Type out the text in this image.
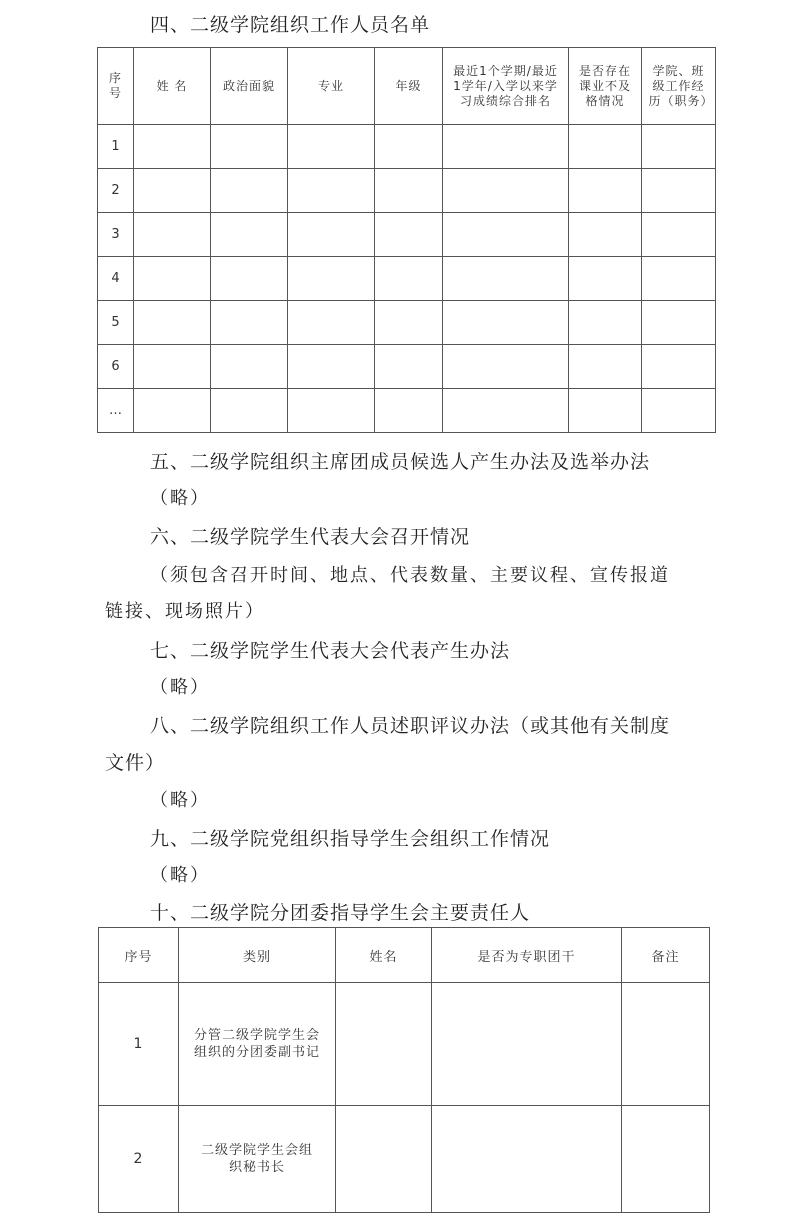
四、二级学院组织工作人员名单
序号	姓 名	政治面貌	专业	年级	最近1个学期/最近1学年/入学以来学习成绩综合排名	是否存在课业不及格情况	学院、班级工作经历（职务）

1							
2							
3							
4							
5							
6							
…							
五、二级学院组织主席团成员候选人产生办法及选举办法
（略）
六、二级学院学生代表大会召开情况
（须包含召开时间、地点、代表数量、主要议程、宣传报道
链接、现场照片）
七、二级学院学生代表大会代表产生办法
（略）
八、二级学院组织工作人员述职评议办法（或其他有关制度
文件）
（略）
九、二级学院党组织指导学生会组织工作情况
（略）
十、二级学院分团委指导学生会主要责任人
序号	类别	姓名	是否为专职团干	备注
1	分管二级学院学生会组织的分团委副书记			

2	二级学院学生会组织秘书长			
